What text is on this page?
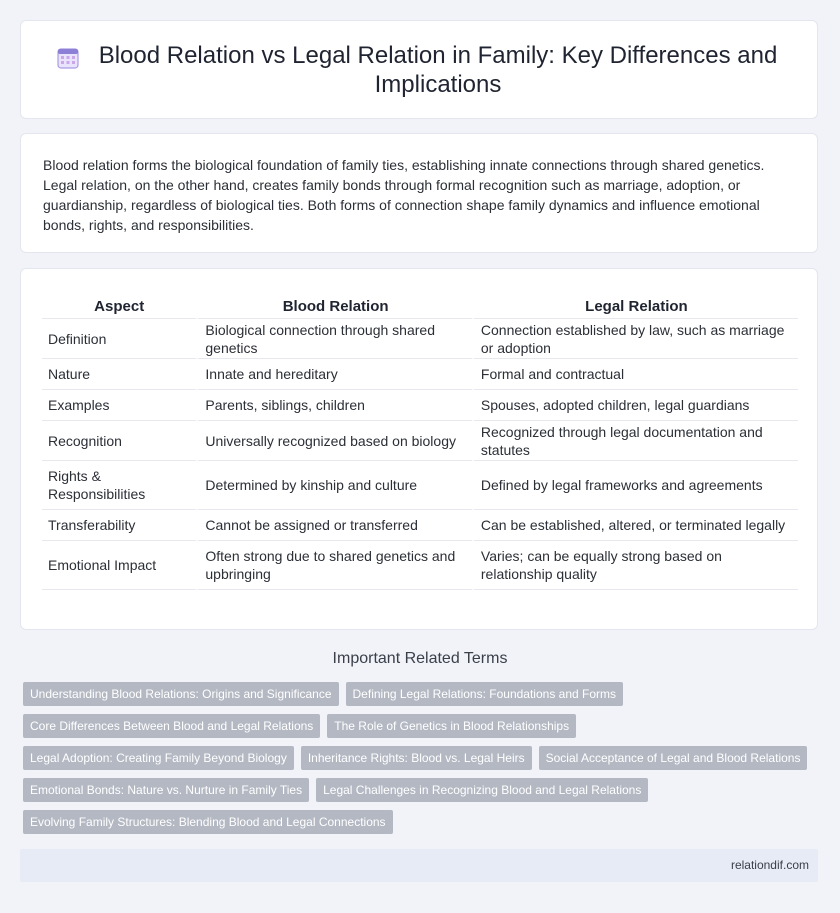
Blood Relation vs Legal Relation in Family: Key Differences and Implications

Blood relation forms the biological foundation of family ties, establishing innate connections through shared genetics. Legal relation, on the other hand, creates family bonds through formal recognition such as marriage, adoption, or guardianship, regardless of biological ties. Both forms of connection shape family dynamics and influence emotional bonds, rights, and responsibilities.

Aspect	Blood Relation	Legal Relation
Definition	Biological connection through shared genetics	Connection established by law, such as marriage or adoption
Nature	Innate and hereditary	Formal and contractual
Examples	Parents, siblings, children	Spouses, adopted children, legal guardians
Recognition	Universally recognized based on biology	Recognized through legal documentation and statutes
Rights & Responsibilities	Determined by kinship and culture	Defined by legal frameworks and agreements
Transferability	Cannot be assigned or transferred	Can be established, altered, or terminated legally
Emotional Impact	Often strong due to shared genetics and upbringing	Varies; can be equally strong based on relationship quality
Important Related Terms
Understanding Blood Relations: Origins and Significance	Defining Legal Relations: Foundations and Forms
Core Differences Between Blood and Legal Relations	The Role of Genetics in Blood Relationships
Legal Adoption: Creating Family Beyond Biology	Inheritance Rights: Blood vs. Legal Heirs	Social Acceptance of Legal and Blood Relations
Emotional Bonds: Nature vs. Nurture in Family Ties	Legal Challenges in Recognizing Blood and Legal Relations
Evolving Family Structures: Blending Blood and Legal Connections
relationdif.com
